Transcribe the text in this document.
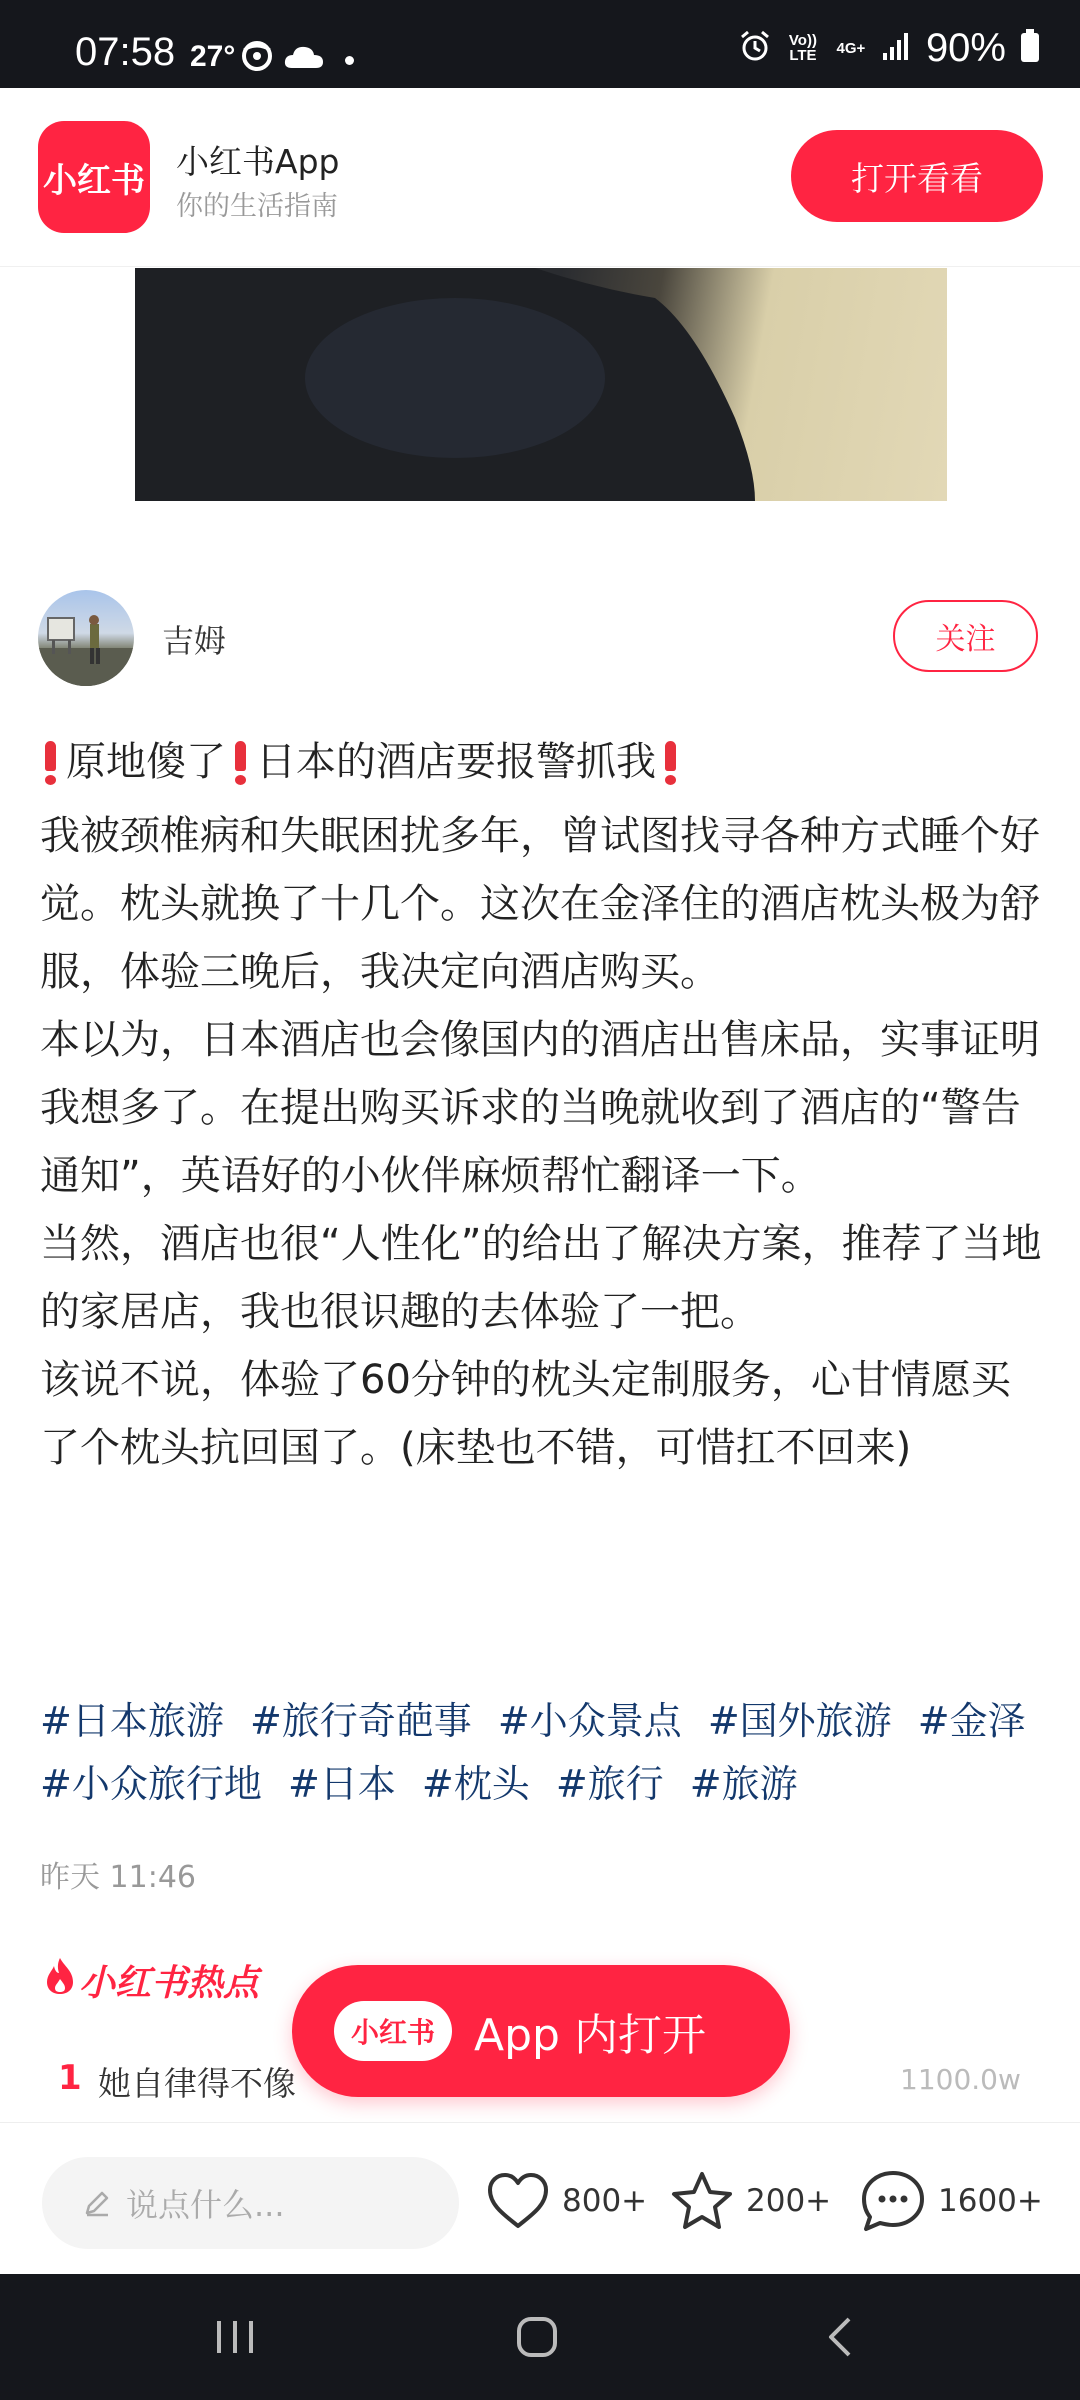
07:58 27°	Vo)) LTE 4G+ 90%
小红书 小红书App
你的生活指南
打开看看
吉姆	关注
原地傻了 日本的酒店要报警抓我

我被颈椎病和失眠困扰多年，曾试图找寻各种方式睡个好觉。枕头就换了十几个。这次在金泽住的酒店枕头极为舒服，体验三晚后，我决定向酒店购买。

本以为，日本酒店也会像国内的酒店出售床品，实事证明我想多了。在提出购买诉求的当晚就收到了酒店的“警告通知”，英语好的小伙伴麻烦帮忙翻译一下。

当然，酒店也很“人性化”的给出了解决方案，推荐了当地的家居店，我也很识趣的去体验了一把。

该说不说，体验了60分钟的枕头定制服务，心甘情愿买了个枕头抗回国了。(床垫也不错，可惜扛不回来)

#日本旅游 #旅行奇葩事 #小众景点 #国外旅游 #金泽
#小众旅行地 #日本 #枕头 #旅行 #旅游
昨天 11:46
小红书热点
1 她自律得不像	1100.0w
小红书 App 内打开
说点什么...	800+	200+	1600+
